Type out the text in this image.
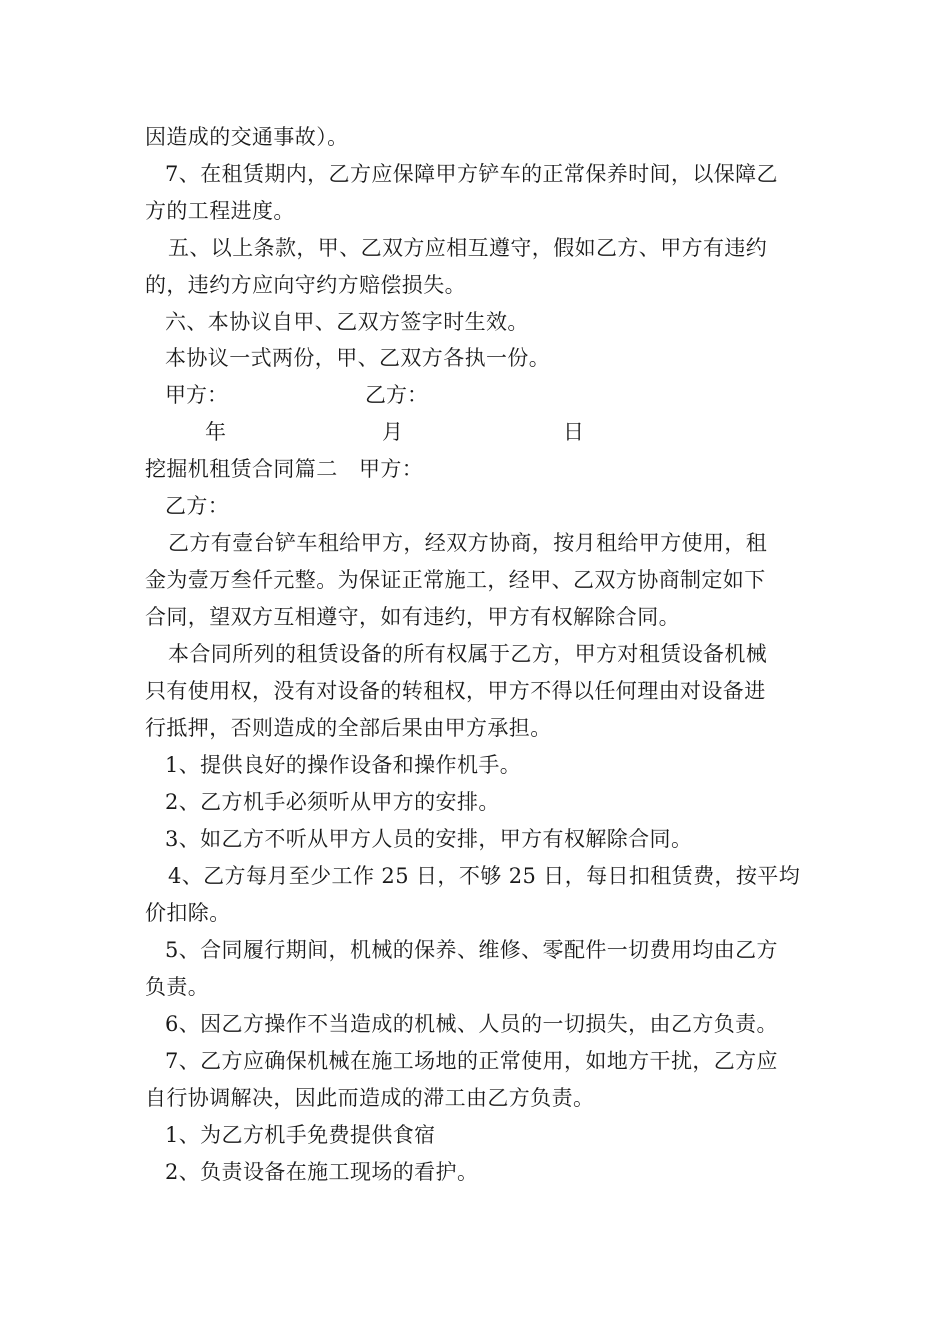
因造成的交通事故）。
7、在租赁期内，乙方应保障甲方铲车的正常保养时间，以保障乙
方的工程进度。
五、以上条款，甲、乙双方应相互遵守，假如乙方、甲方有违约
的，违约方应向守约方赔偿损失。
六、本协议自甲、乙双方签字时生效。
本协议一式两份，甲、乙双方各执一份。
甲方：	乙方：
年	月	日
挖掘机租赁合同篇二　甲方：
乙方：
乙方有壹台铲车租给甲方，经双方协商，按月租给甲方使用，租
金为壹万叁仟元整。为保证正常施工，经甲、乙双方协商制定如下
合同，望双方互相遵守，如有违约，甲方有权解除合同。
本合同所列的租赁设备的所有权属于乙方，甲方对租赁设备机械
只有使用权，没有对设备的转租权，甲方不得以任何理由对设备进
行抵押，否则造成的全部后果由甲方承担。
1、提供良好的操作设备和操作机手。
2、乙方机手必须听从甲方的安排。
3、如乙方不听从甲方人员的安排，甲方有权解除合同。
4、乙方每月至少工作 25 日，不够 25 日，每日扣租赁费，按平均
价扣除。
5、合同履行期间，机械的保养、维修、零配件一切费用均由乙方
负责。
6、因乙方操作不当造成的机械、人员的一切损失，由乙方负责。
7、乙方应确保机械在施工场地的正常使用，如地方干扰，乙方应
自行协调解决，因此而造成的滞工由乙方负责。
1、为乙方机手免费提供食宿
2、负责设备在施工现场的看护。
